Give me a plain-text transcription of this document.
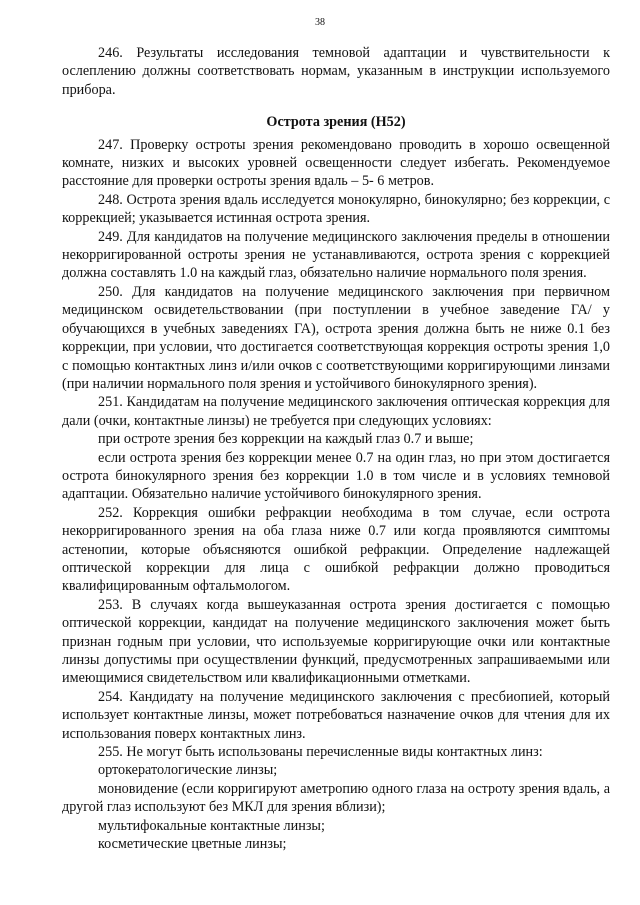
38

246. Результаты исследования темновой адаптации и чувствительности к ослеплению должны соответствовать нормам, указанным в инструкции используемого прибора.

Острота зрения (Н52)

247. Проверку остроты зрения рекомендовано проводить в хорошо освещенной комнате, низких и высоких уровней освещенности следует избегать. Рекомендуемое расстояние для проверки остроты зрения вдаль – 5- 6 метров.

248. Острота зрения вдаль исследуется монокулярно, бинокулярно; без коррекции, с коррекцией; указывается истинная острота зрения.

249. Для кандидатов на получение медицинского заключения пределы в отношении некорригированной остроты зрения не устанавливаются, острота зрения с коррекцией должна составлять 1.0 на каждый глаз, обязательно наличие нормального поля зрения.

250. Для кандидатов на получение медицинского заключения при первичном медицинском освидетельствовании (при поступлении в учебное заведение ГА/ у обучающихся в учебных заведениях ГА), острота зрения должна быть не ниже 0.1 без коррекции, при условии, что достигается соответствующая коррекция остроты зрения 1,0 с помощью контактных линз и/или очков с соответствующими корригирующими линзами (при наличии нормального поля зрения и устойчивого бинокулярного зрения).

251. Кандидатам на получение медицинского заключения оптическая коррекция для дали (очки, контактные линзы) не требуется при следующих условиях:

при остроте зрения без коррекции на каждый глаз 0.7 и выше;

если острота зрения без коррекции менее 0.7 на один глаз, но при этом достигается острота бинокулярного зрения без коррекции 1.0 в том числе и в условиях темновой адаптации. Обязательно наличие устойчивого бинокулярного зрения.

252. Коррекция ошибки рефракции необходима в том случае, если острота некорригированного зрения на оба глаза ниже 0.7 или когда проявляются симптомы астенопии, которые объясняются ошибкой рефракции. Определение надлежащей оптической коррекции для лица с ошибкой рефракции должно проводиться квалифицированным офтальмологом.

253. В случаях когда вышеуказанная острота зрения достигается с помощью оптической коррекции, кандидат на получение медицинского заключения может быть признан годным при условии, что используемые корригирующие очки или контактные линзы допустимы при осуществлении функций, предусмотренных запрашиваемыми или имеющимися свидетельством или квалификационными отметками.

254. Кандидату на получение медицинского заключения с пресбиопией, который использует контактные линзы, может потребоваться назначение очков для чтения для их использования поверх контактных линз.

255. Не могут быть использованы перечисленные виды контактных линз:

ортокератологические линзы;

моновидение (если корригируют аметропию одного глаза на остроту зрения вдаль, а другой глаз используют без МКЛ для зрения вблизи);

мультифокальные контактные линзы;

косметические цветные линзы;
